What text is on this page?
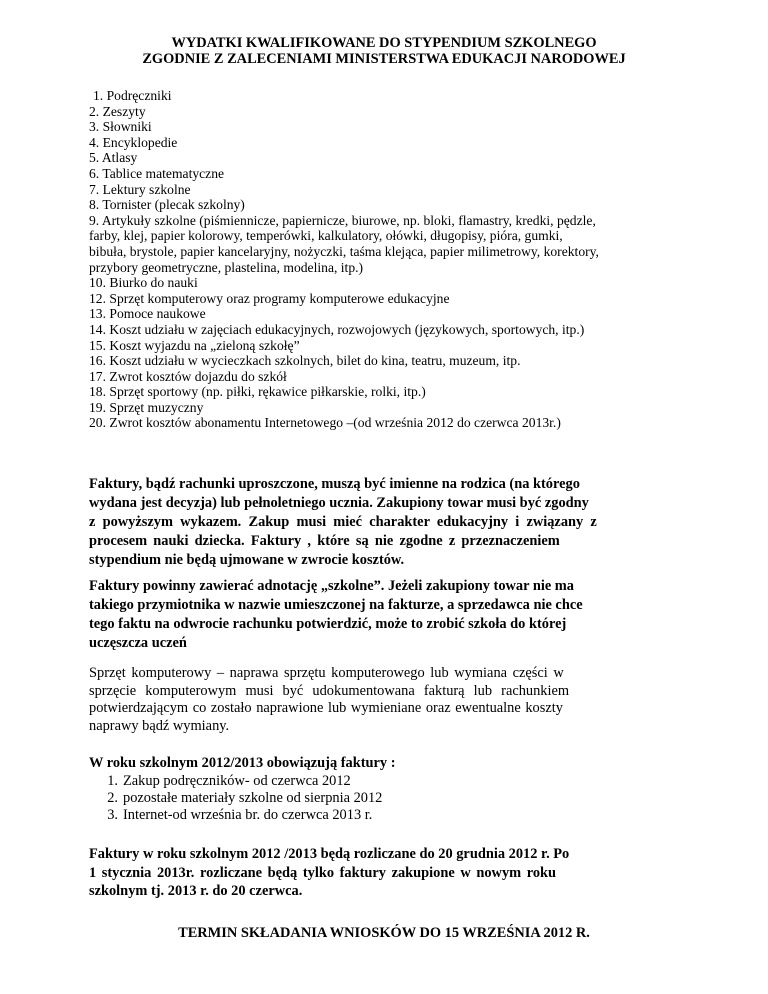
WYDATKI KWALIFIKOWANE DO STYPENDIUM SZKOLNEGO
ZGODNIE Z ZALECENIAMI MINISTERSTWA EDUKACJI NARODOWEJ
1. Podręczniki
2. Zeszyty
3. Słowniki
4. Encyklopedie
5. Atlasy
6. Tablice matematyczne
7. Lektury szkolne
8. Tornister (plecak szkolny)
9. Artykuły szkolne (piśmiennicze, papiernicze, biurowe, np. bloki, flamastry, kredki, pędzle,
farby, klej, papier kolorowy, temperówki, kalkulatory, ołówki, długopisy, pióra, gumki,
bibuła, brystole, papier kancelaryjny, nożyczki, taśma klejąca, papier milimetrowy, korektory,
przybory geometryczne, plastelina, modelina, itp.)
10. Biurko do nauki
12. Sprzęt komputerowy oraz programy komputerowe edukacyjne
13. Pomoce naukowe
14. Koszt udziału w zajęciach edukacyjnych, rozwojowych (językowych, sportowych, itp.)
15. Koszt wyjazdu na „zieloną szkołę”
16. Koszt udziału w wycieczkach szkolnych, bilet do kina, teatru, muzeum, itp.
17. Zwrot kosztów dojazdu do szkół
18. Sprzęt sportowy (np. piłki, rękawice piłkarskie, rolki, itp.)
19. Sprzęt muzyczny
20. Zwrot kosztów abonamentu Internetowego –(od września 2012 do czerwca 2013r.)

Faktury, bądź rachunki uproszczone, muszą być imienne na rodzica (na którego
wydana jest decyzja) lub pełnoletniego ucznia. Zakupiony towar musi być zgodny
z powyższym wykazem. Zakup musi mieć charakter edukacyjny i związany z
procesem nauki dziecka. Faktury , które są nie zgodne z przeznaczeniem
stypendium nie będą ujmowane w zwrocie kosztów.

Faktury powinny zawierać adnotację „szkolne”. Jeżeli zakupiony towar nie ma
takiego przymiotnika w nazwie umieszczonej na fakturze, a sprzedawca nie chce
tego faktu na odwrocie rachunku potwierdzić, może to zrobić szkoła do której
uczęszcza uczeń

Sprzęt komputerowy – naprawa sprzętu komputerowego lub wymiana części w
sprzęcie komputerowym musi być udokumentowana fakturą lub rachunkiem
potwierdzającym co zostało naprawione lub wymieniane oraz ewentualne koszty
naprawy bądź wymiany.

W roku szkolnym 2012/2013 obowiązują faktury :

1. Zakup podręczników- od czerwca 2012
2. pozostałe materiały szkolne od sierpnia 2012
3. Internet-od września br. do czerwca 2013 r.

Faktury w roku szkolnym 2012 /2013 będą rozliczane do 20 grudnia 2012 r. Po
1 stycznia 2013r. rozliczane będą tylko faktury zakupione w nowym roku
szkolnym tj. 2013 r. do 20 czerwca.

TERMIN SKŁADANIA WNIOSKÓW DO 15 WRZEŚNIA 2012 R.
